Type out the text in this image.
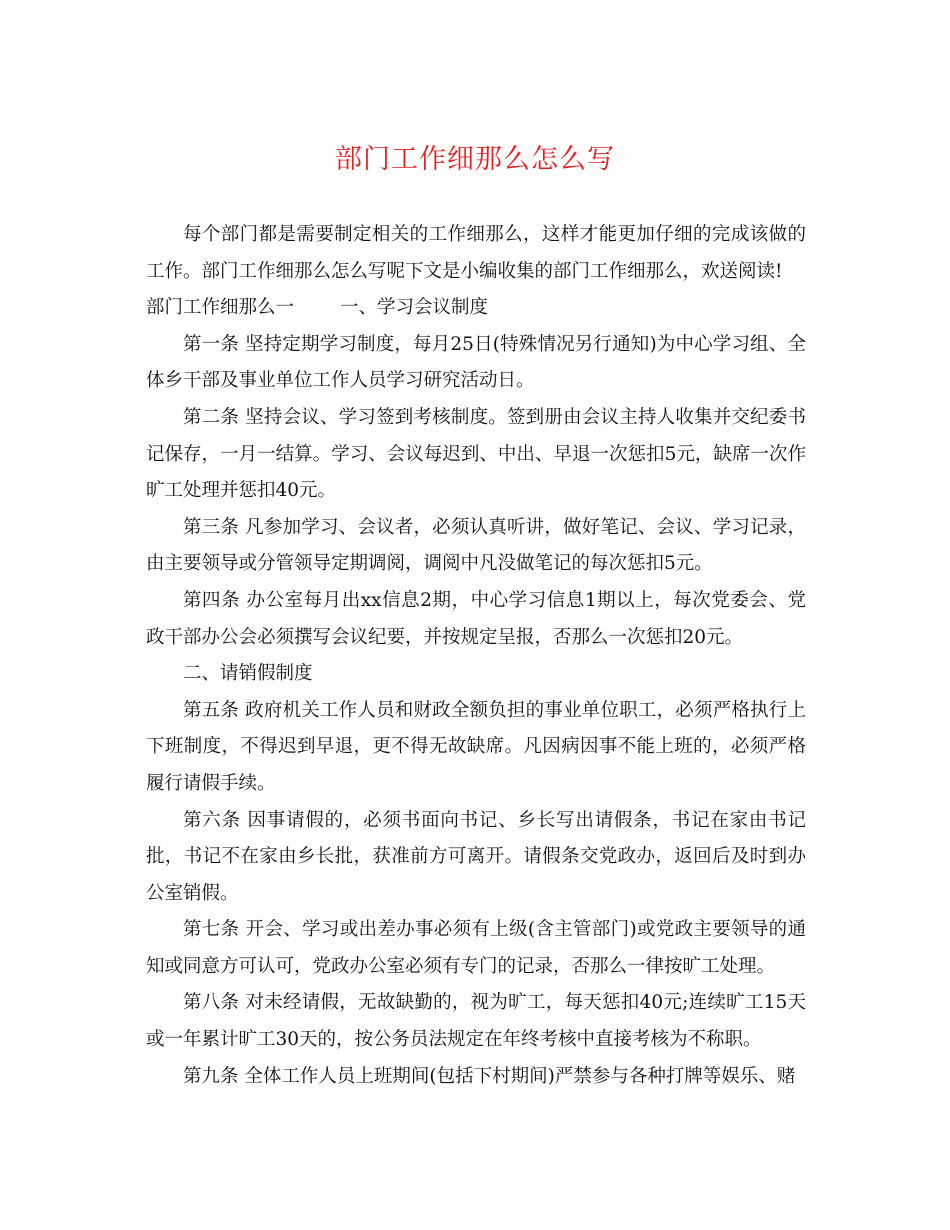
部门工作细那么怎么写

每个部门都是需要制定相关的工作细那么，这样才能更加仔细的完成该做的工作。部门工作细那么怎么写呢下文是小编收集的部门工作细那么，欢送阅读!

部门工作细那么一 一、学习会议制度

第一条 坚持定期学习制度，每月25日(特殊情况另行通知)为中心学习组、全体乡干部及事业单位工作人员学习研究活动日。

第二条 坚持会议、学习签到考核制度。签到册由会议主持人收集并交纪委书记保存，一月一结算。学习、会议每迟到、中出、早退一次惩扣5元，缺席一次作旷工处理并惩扣40元。

第三条 凡参加学习、会议者，必须认真听讲，做好笔记、会议、学习记录，由主要领导或分管领导定期调阅，调阅中凡没做笔记的每次惩扣5元。

第四条 办公室每月出xx信息2期，中心学习信息1期以上，每次党委会、党政干部办公会必须撰写会议纪要，并按规定呈报，否那么一次惩扣20元。

二、请销假制度

第五条 政府机关工作人员和财政全额负担的事业单位职工，必须严格执行上下班制度，不得迟到早退，更不得无故缺席。凡因病因事不能上班的，必须严格履行请假手续。

第六条 因事请假的，必须书面向书记、乡长写出请假条，书记在家由书记批，书记不在家由乡长批，获准前方可离开。请假条交党政办，返回后及时到办公室销假。

第七条 开会、学习或出差办事必须有上级(含主管部门)或党政主要领导的通知或同意方可认可，党政办公室必须有专门的记录，否那么一律按旷工处理。

第八条 对未经请假，无故缺勤的，视为旷工，每天惩扣40元;连续旷工15天或一年累计旷工30天的，按公务员法规定在年终考核中直接考核为不称职。

第九条 全体工作人员上班期间(包括下村期间)严禁参与各种打牌等娱乐、赌
